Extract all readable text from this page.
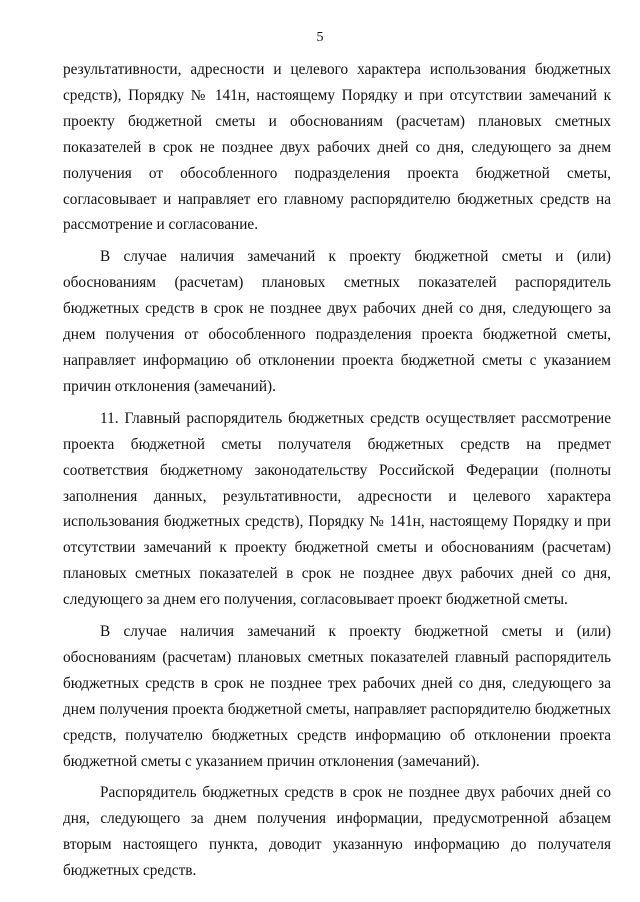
5

результативности, адресности и целевого характера использования бюджетных средств), Порядку № 141н, настоящему Порядку и при отсутствии замечаний к проекту бюджетной сметы и обоснованиям (расчетам) плановых сметных показателей в срок не позднее двух рабочих дней со дня, следующего за днем получения от обособленного подразделения проекта бюджетной сметы, согласовывает и направляет его главному распорядителю бюджетных средств на рассмотрение и согласование.

В случае наличия замечаний к проекту бюджетной сметы и (или) обоснованиям (расчетам) плановых сметных показателей распорядитель бюджетных средств в срок не позднее двух рабочих дней со дня, следующего за днем получения от обособленного подразделения проекта бюджетной сметы, направляет информацию об отклонении проекта бюджетной сметы с указанием причин отклонения (замечаний).

11. Главный распорядитель бюджетных средств осуществляет рассмотрение проекта бюджетной сметы получателя бюджетных средств на предмет соответствия бюджетному законодательству Российской Федерации (полноты заполнения данных, результативности, адресности и целевого характера использования бюджетных средств), Порядку № 141н, настоящему Порядку и при отсутствии замечаний к проекту бюджетной сметы и обоснованиям (расчетам) плановых сметных показателей в срок не позднее двух рабочих дней со дня, следующего за днем его получения, согласовывает проект бюджетной сметы.

В случае наличия замечаний к проекту бюджетной сметы и (или) обоснованиям (расчетам) плановых сметных показателей главный распорядитель бюджетных средств в срок не позднее трех рабочих дней со дня, следующего за днем получения проекта бюджетной сметы, направляет распорядителю бюджетных средств, получателю бюджетных средств информацию об отклонении проекта бюджетной сметы с указанием причин отклонения (замечаний).

Распорядитель бюджетных средств в срок не позднее двух рабочих дней со дня, следующего за днем получения информации, предусмотренной абзацем вторым настоящего пункта, доводит указанную информацию до получателя бюджетных средств.
